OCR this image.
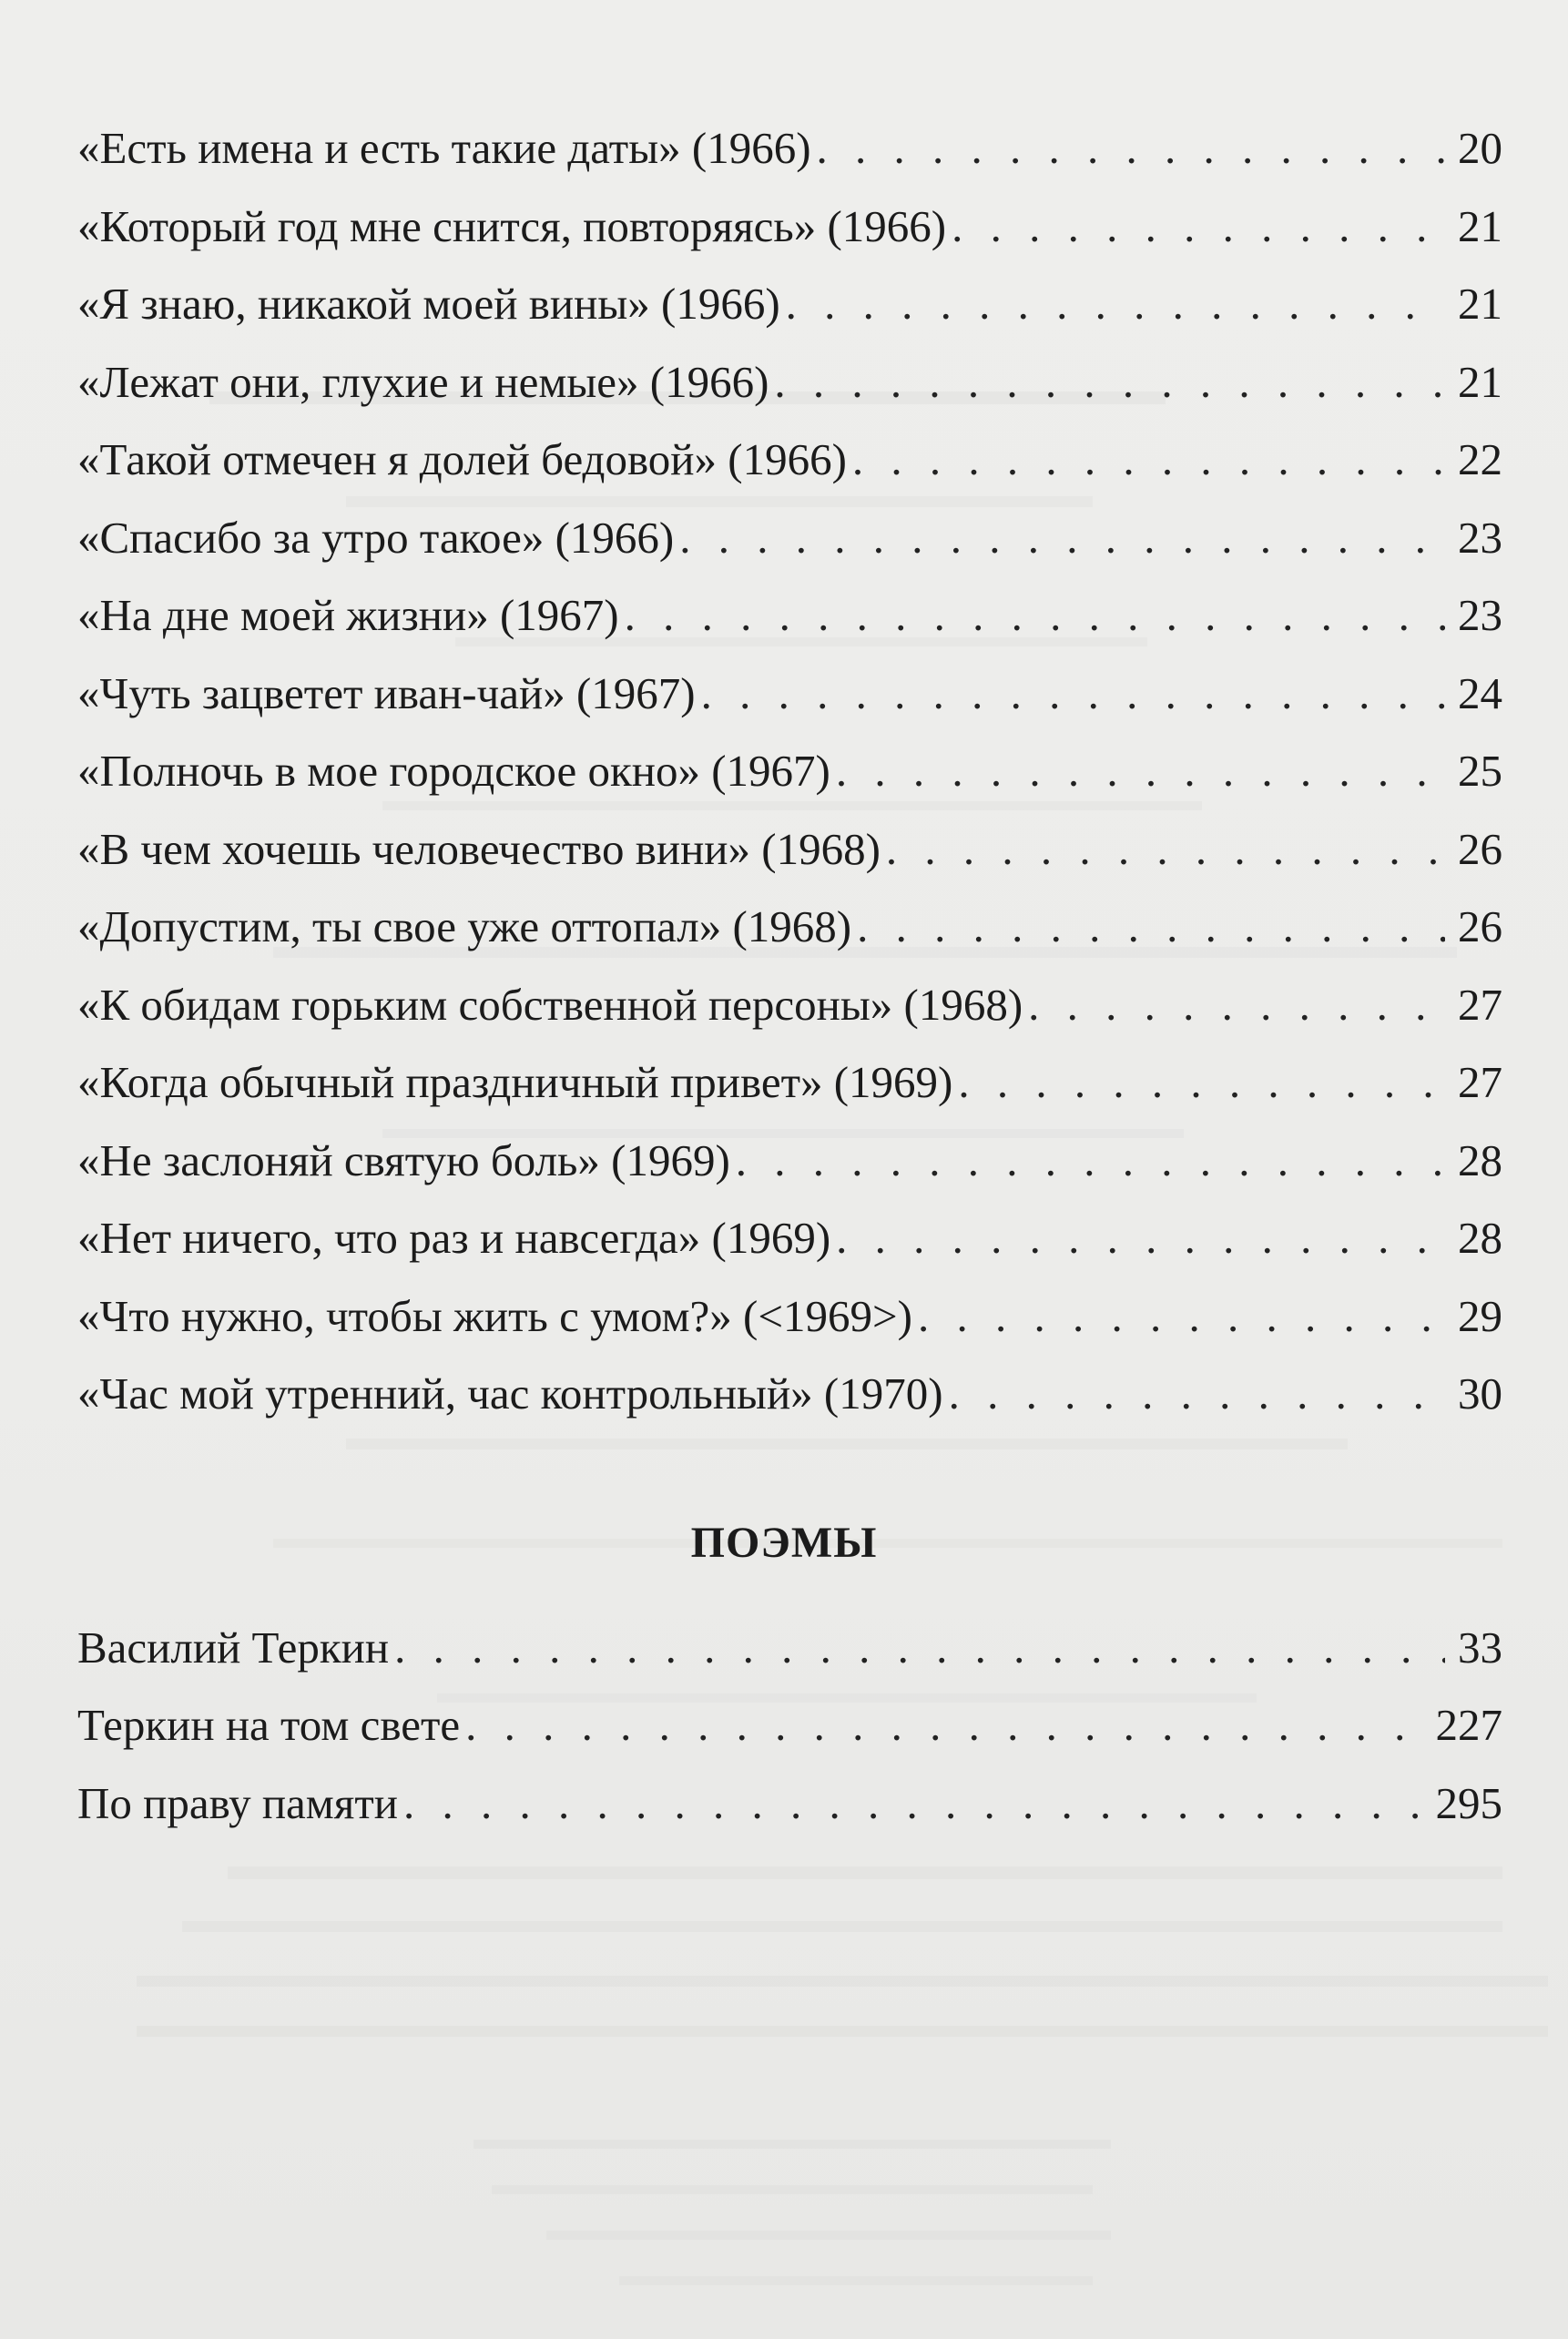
«Есть имена и есть такие даты» (1966) . . .	20
«Который год мне снится, повторяясь» (1966) . . .	21
«Я знаю, никакой моей вины» (1966) . . .	21
«Лежат они, глухие и немые» (1966) . . .	21
«Такой отмечен я долей бедовой» (1966) . . .	22
«Спасибо за утро такое» (1966) . . .	23
«На дне моей жизни» (1967) . . .	23
«Чуть зацветет иван-чай» (1967) . . .	24
«Полночь в мое городское окно» (1967) . . .	25
«В чем хочешь человечество вини» (1968) . . .	26
«Допустим, ты свое уже оттопал» (1968) . . .	26
«К обидам горьким собственной персоны» (1968) . . .	27
«Когда обычный праздничный привет» (1969) . . .	27
«Не заслоняй святую боль» (1969) . . .	28
«Нет ничего, что раз и навсегда» (1969) . . .	28
«Что нужно, чтобы жить с умом?» (<1969>) . . .	29
«Час мой утренний, час контрольный» (1970) . . .	30
Василий Теркин . . .	33
Теркин на том свете . . .	227
По праву памяти . . .	295
ПОЭМЫ
